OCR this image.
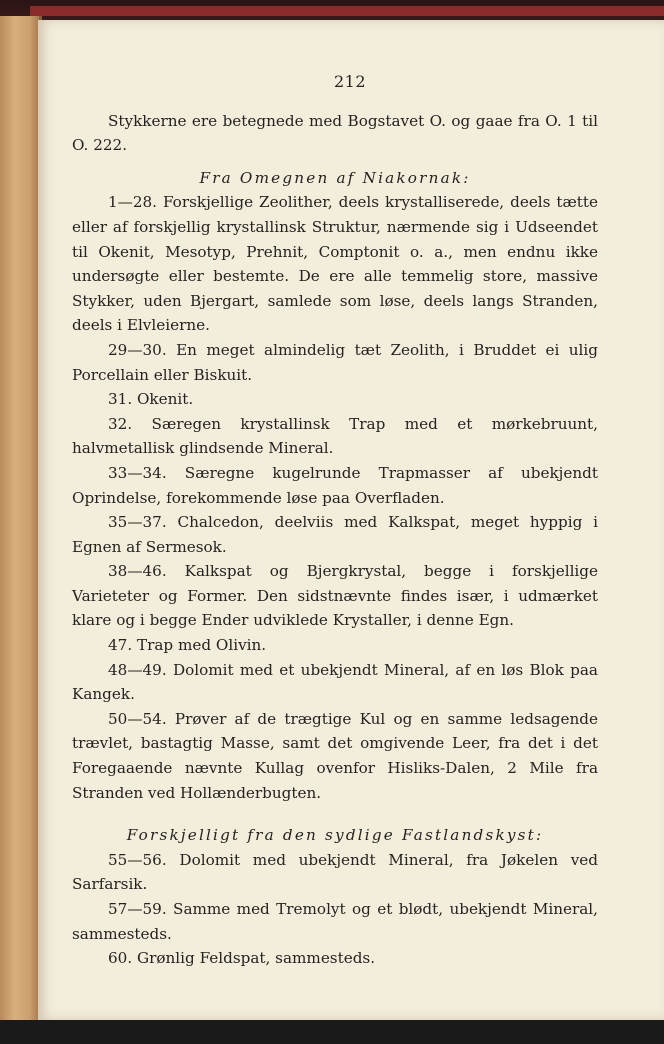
212

Stykkerne ere betegnede med Bogstavet O. og gaae fra O. 1 til O. 222.

Fra Omegnen af Niakornak:

1—28. Forskjellige Zeolither, deels krystalliserede, deels tætte eller af forskjellig krystallinsk Struktur, nærmende sig i Udseendet til Okenit, Mesotyp, Prehnit, Comptonit o. a., men endnu ikke undersøgte eller bestemte. De ere alle temmelig store, massive Stykker, uden Bjergart, samlede som løse, deels langs Stranden, deels i Elvleierne.

29—30. En meget almindelig tæt Zeolith, i Bruddet ei ulig Porcellain eller Biskuit.

31. Okenit.

32. Særegen krystallinsk Trap med et mørkebruunt, halvmetallisk glindsende Mineral.

33—34. Særegne kugelrunde Trapmasser af ubekjendt Oprindelse, forekommende løse paa Overfladen.

35—37. Chalcedon, deelviis med Kalkspat, meget hyppig i Egnen af Sermesok.

38—46. Kalkspat og Bjergkrystal, begge i forskjellige Varieteter og Former. Den sidstnævnte findes især, i udmærket klare og i begge Ender udviklede Krystaller, i denne Egn.

47. Trap med Olivin.

48—49. Dolomit med et ubekjendt Mineral, af en løs Blok paa Kangek.

50—54. Prøver af de trægtige Kul og en samme ledsagende trævlet, bastagtig Masse, samt det omgivende Leer, fra det i det Foregaaende nævnte Kullag ovenfor Hisliks-Dalen, 2 Mile fra Stranden ved Hollænderbugten.

Forskjelligt fra den sydlige Fastlandskyst:

55—56. Dolomit med ubekjendt Mineral, fra Jøkelen ved Sarfarsik.

57—59. Samme med Tremolyt og et blødt, ubekjendt Mineral, sammesteds.

60. Grønlig Feldspat, sammesteds.
